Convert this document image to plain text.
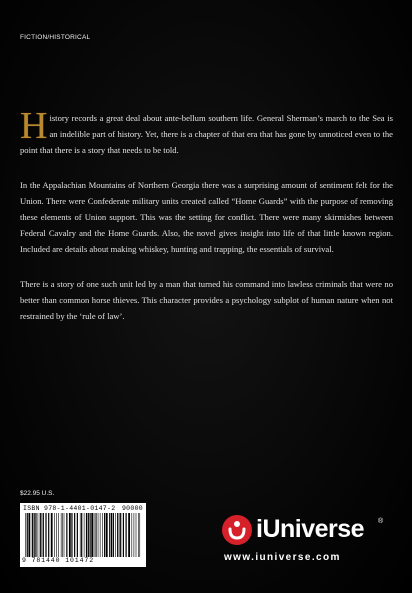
FICTION/HISTORICAL

History records a great deal about ante-bellum southern life. General Sherman’s march to the Sea is an indelible part of history. Yet, there is a chapter of that era that has gone by unnoticed even to the point that there is a story that needs to be told.

In the Appalachian Mountains of Northern Georgia there was a surprising amount of sentiment felt for the Union. There were Confederate military units created called “Home Guards” with the purpose of removing these elements of Union support. This was the setting for conflict. There were many skirmishes between Federal Cavalry and the Home Guards. Also, the novel gives insight into life of that little known region. Included are details about making whiskey, hunting and trapping, the essentials of survival.

There is a story of one such unit led by a man that turned his command into lawless criminals that were no better than common horse thieves. This character provides a psychology subplot of human nature when not restrained by the ‘rule of law’.

$22.95 U.S.
ISBN 978-1-4401-0147-2 90000
9 781440 101472
iUniverse ®
www.iuniverse.com
